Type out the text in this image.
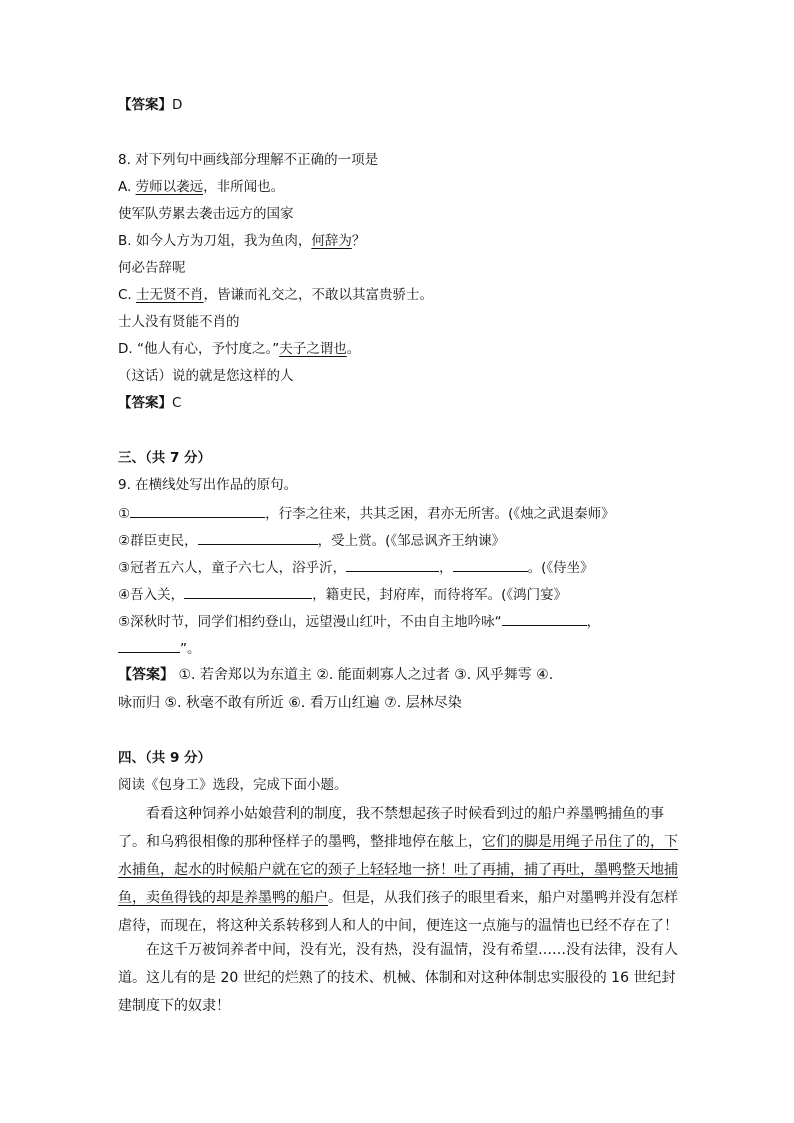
【答案】D
8. 对下列句中画线部分理解不正确的一项是
A. 劳师以袭远，非所闻也。
使军队劳累去袭击远方的国家
B. 如今人方为刀俎，我为鱼肉，何辞为？
何必告辞呢
C. 士无贤不肖，皆谦而礼交之，不敢以其富贵骄士。
士人没有贤能不肖的
D. “他人有心，予忖度之。”夫子之谓也。
（这话）说的就是您这样的人
【答案】C
三、（共 7 分）
9. 在横线处写出作品的原句。
①	，行李之往来，共其乏困，君亦无所害。(《烛之武退秦师》
②群臣吏民，	，受上赏。(《邹忌讽齐王纳谏》
③冠者五六人，童子六七人，浴乎沂，	，	。(《侍坐》
④吾入关，	，籍吏民，封府库，而待将军。(《鸿门宴》
⑤深秋时节，同学们相约登山，远望漫山红叶，不由自主地吟咏“	，
”。
【答案】 ①. 若舍郑以为东道主 ②. 能面刺寡人之过者 ③. 风乎舞雩 ④.
咏而归 ⑤. 秋毫不敢有所近 ⑥. 看万山红遍 ⑦. 层林尽染
四、（共 9 分）
阅读《包身工》选段，完成下面小题。
看看这种饲养小姑娘营利的制度，我不禁想起孩子时候看到过的船户养墨鸭捕鱼的事了。和乌鸦很相像的那种怪样子的墨鸭，整排地停在舷上，它们的脚是用绳子吊住了的，下水捕鱼，起水的时候船户就在它的颈子上轻轻地一挤！吐了再捕，捕了再吐，墨鸭整天地捕鱼，卖鱼得钱的却是养墨鸭的船户。但是，从我们孩子的眼里看来，船户对墨鸭并没有怎样虐待，而现在，将这种关系转移到人和人的中间，便连这一点施与的温情也已经不存在了！
在这千万被饲养者中间，没有光，没有热，没有温情，没有希望……没有法律，没有人道。这儿有的是 20 世纪的烂熟了的技术、机械、体制和对这种体制忠实服役的 16 世纪封建制度下的奴隶！
